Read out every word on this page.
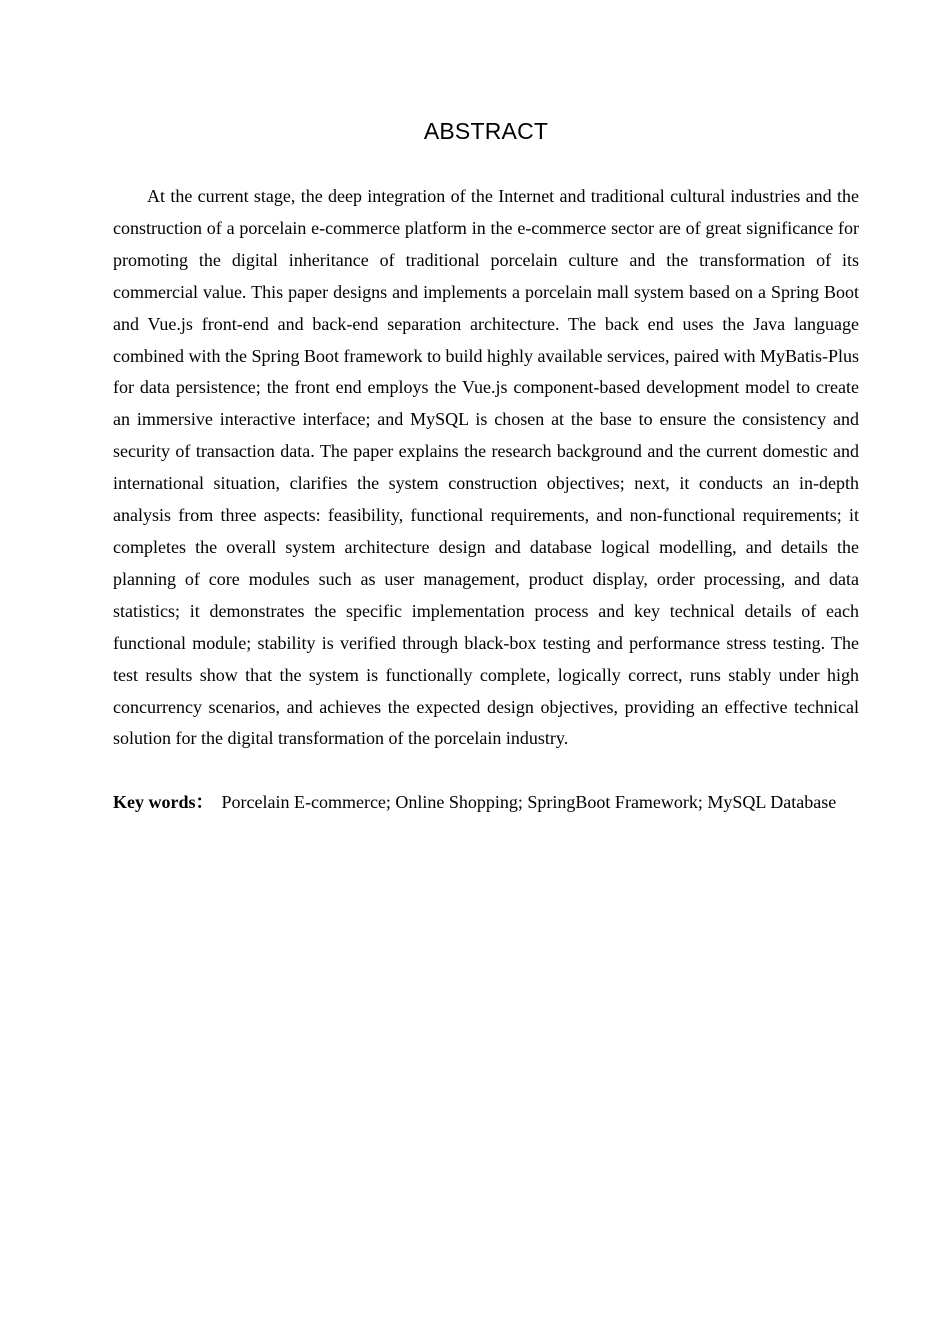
ABSTRACT

At the current stage, the deep integration of the Internet and traditional cultural industries and the construction of a porcelain e-commerce platform in the e-commerce sector are of great significance for promoting the digital inheritance of traditional porcelain culture and the transformation of its commercial value. This paper designs and implements a porcelain mall system based on a Spring Boot and Vue.js front-end and back-end separation architecture. The back end uses the Java language combined with the Spring Boot framework to build highly available services, paired with MyBatis-Plus for data persistence; the front end employs the Vue.js component-based development model to create an immersive interactive interface; and MySQL is chosen at the base to ensure the consistency and security of transaction data. The paper explains the research background and the current domestic and international situation, clarifies the system construction objectives; next, it conducts an in-depth analysis from three aspects: feasibility, functional requirements, and non-functional requirements; it completes the overall system architecture design and database logical modelling, and details the planning of core modules such as user management, product display, order processing, and data statistics; it demonstrates the specific implementation process and key technical details of each functional module; stability is verified through black-box testing and performance stress testing. The test results show that the system is functionally complete, logically correct, runs stably under high concurrency scenarios, and achieves the expected design objectives, providing an effective technical solution for the digital transformation of the porcelain industry.

Key words： Porcelain E-commerce; Online Shopping; SpringBoot Framework; MySQL Database
